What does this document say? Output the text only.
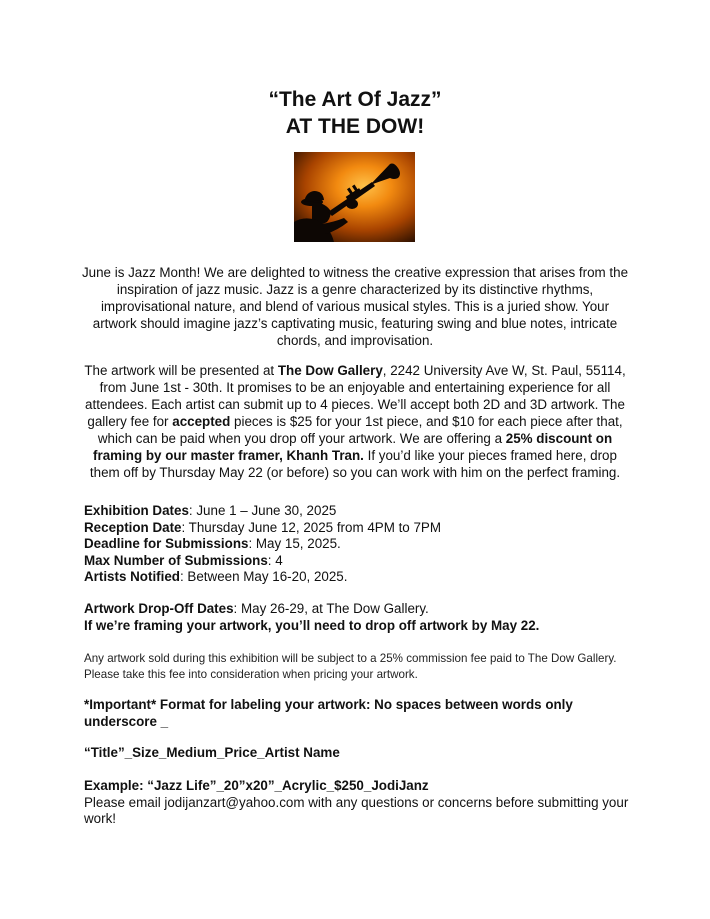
“The Art Of Jazz”
AT THE DOW!
June is Jazz Month! We are delighted to witness the creative expression that arises from the inspiration of jazz music. Jazz is a genre characterized by its distinctive rhythms, improvisational nature, and blend of various musical styles. This is a juried show. Your artwork should imagine jazz’s captivating music, featuring swing and blue notes, intricate chords, and improvisation.
The artwork will be presented at The Dow Gallery, 2242 University Ave W, St. Paul, 55114, from June 1st - 30th. It promises to be an enjoyable and entertaining experience for all attendees. Each artist can submit up to 4 pieces. We’ll accept both 2D and 3D artwork. The gallery fee for accepted pieces is $25 for your 1st piece, and $10 for each piece after that, which can be paid when you drop off your artwork. We are offering a 25% discount on framing by our master framer, Khanh Tran. If you’d like your pieces framed here, drop them off by Thursday May 22 (or before) so you can work with him on the perfect framing.
Exhibition Dates: June 1 – June 30, 2025
Reception Date: Thursday June 12, 2025 from 4PM to 7PM
Deadline for Submissions: May 15, 2025.
Max Number of Submissions: 4
Artists Notified: Between May 16-20, 2025.
Artwork Drop-Off Dates: May 26-29, at The Dow Gallery.
If we’re framing your artwork, you’ll need to drop off artwork by May 22.
Any artwork sold during this exhibition will be subject to a 25% commission fee paid to The Dow Gallery. Please take this fee into consideration when pricing your artwork.
*Important* Format for labeling your artwork: No spaces between words only underscore _
“Title”_Size_Medium_Price_Artist Name
Example: “Jazz Life”_20”x20”_Acrylic_$250_JodiJanz
Please email jodijanzart@yahoo.com with any questions or concerns before submitting your work!
